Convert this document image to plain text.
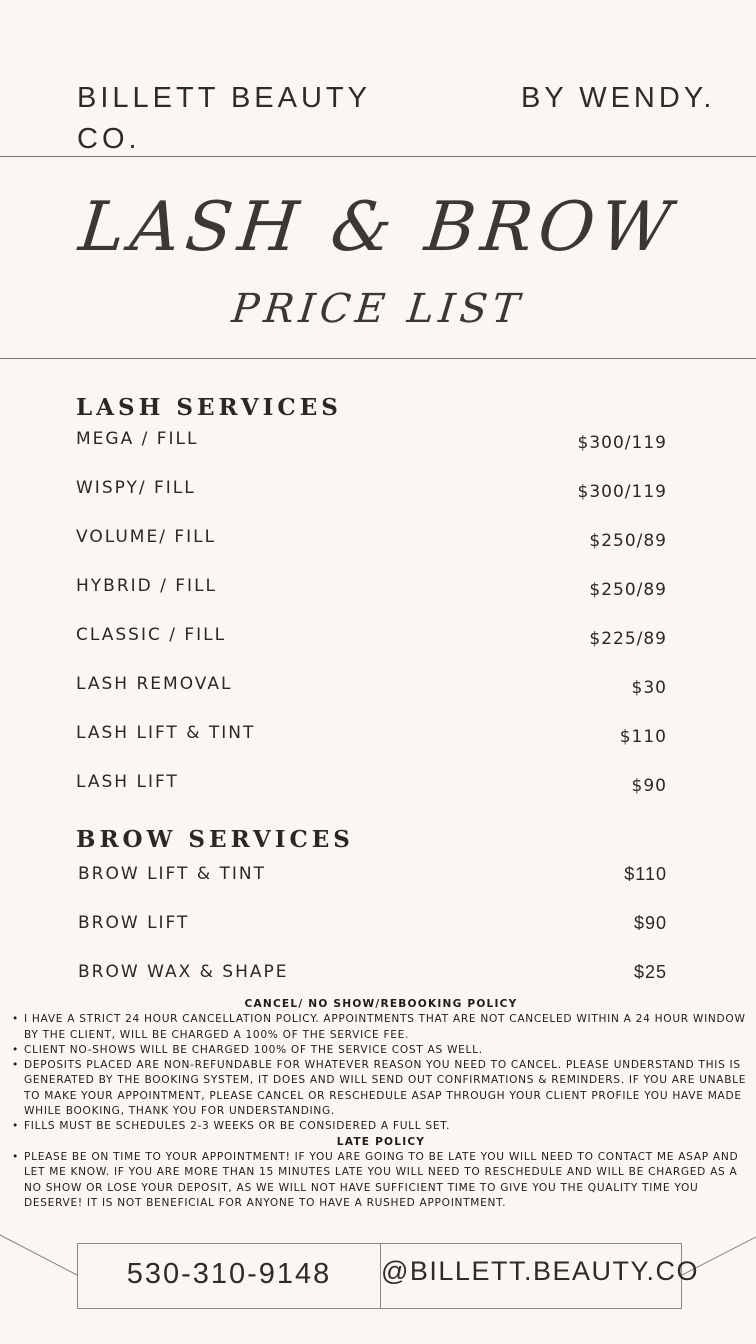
BILLETT BEAUTY CO.
BY WENDY.
LASH & BROW
PRICE LIST
LASH SERVICES
MEGA / FILL	$300/119
WISPY/ FILL	$300/119
VOLUME/ FILL	$250/89
HYBRID / FILL	$250/89
CLASSIC / FILL	$225/89
LASH REMOVAL	$30
LASH LIFT & TINT	$110
LASH LIFT	$90
BROW SERVICES
BROW LIFT & TINT	$110
BROW LIFT	$90
BROW WAX & SHAPE	$25
CANCEL/ NO SHOW/REBOOKING POLICY
• I HAVE A STRICT 24 HOUR CANCELLATION POLICY. APPOINTMENTS THAT ARE NOT CANCELED WITHIN A 24 HOUR WINDOW BY THE CLIENT, WILL BE CHARGED A 100% OF THE SERVICE FEE.
• CLIENT NO-SHOWS WILL BE CHARGED 100% OF THE SERVICE COST AS WELL.
• DEPOSITS PLACED ARE NON-REFUNDABLE FOR WHATEVER REASON YOU NEED TO CANCEL. PLEASE UNDERSTAND THIS IS GENERATED BY THE BOOKING SYSTEM, IT DOES AND WILL SEND OUT CONFIRMATIONS & REMINDERS. IF YOU ARE UNABLE TO MAKE YOUR APPOINTMENT, PLEASE CANCEL OR RESCHEDULE ASAP THROUGH YOUR CLIENT PROFILE YOU HAVE MADE WHILE BOOKING, THANK YOU FOR UNDERSTANDING.
• FILLS MUST BE SCHEDULES 2-3 WEEKS OR BE CONSIDERED A FULL SET.
LATE POLICY
• PLEASE BE ON TIME TO YOUR APPOINTMENT! IF YOU ARE GOING TO BE LATE YOU WILL NEED TO CONTACT ME ASAP AND LET ME KNOW. IF YOU ARE MORE THAN 15 MINUTES LATE YOU WILL NEED TO RESCHEDULE AND WILL BE CHARGED AS A NO SHOW OR LOSE YOUR DEPOSIT, AS WE WILL NOT HAVE SUFFICIENT TIME TO GIVE YOU THE QUALITY TIME YOU DESERVE! IT IS NOT BENEFICIAL FOR ANYONE TO HAVE A RUSHED APPOINTMENT.
530-310-9148	@BILLETT.BEAUTY.CO
